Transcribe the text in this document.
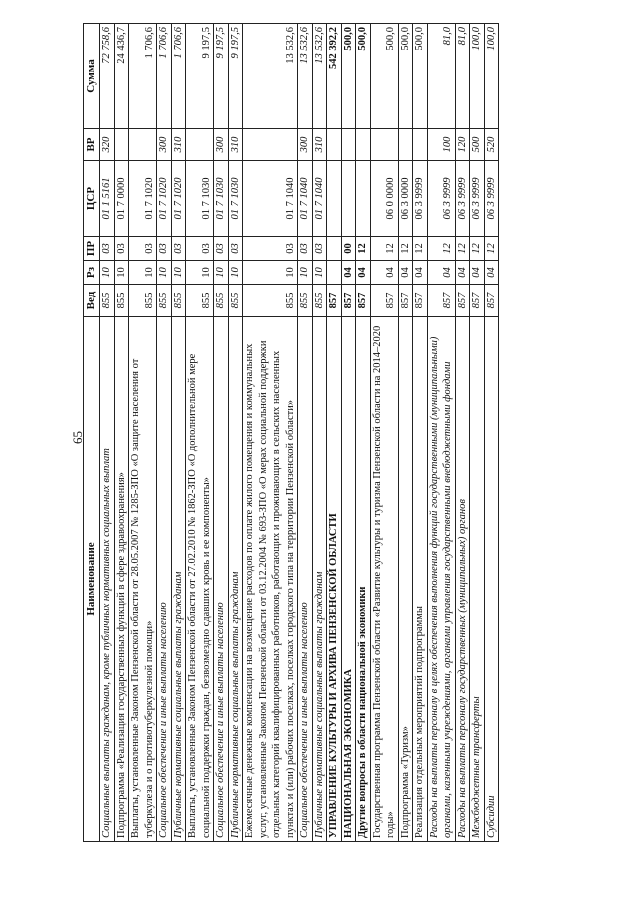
65
Наименование	Вед	Рз	ПР	ЦСР	ВР	Сумма
Социальные выплаты гражданам, кроме публичных нормативных социальных выплат	855	10	03	01 1 5161	320	72 758,6
Подпрограмма «Реализация государственных функций в сфере здравоохранения»	855	10	03	01 7 0000		24 436,7
Выплаты, установленные Законом Пензенской области от 28.05.2007 № 1285-ЗПО «О защите населения от туберкулеза и о противотуберкулезной помощи»	855	10	03	01 7 1020		1 706,6
Социальное обеспечение и иные выплаты населению	855	10	03	01 7 1020	300	1 706,6
Публичные нормативные социальные выплаты гражданам	855	10	03	01 7 1020	310	1 706,6
Выплаты, установленные Законом Пензенской области от 27.02.2010 № 1862-ЗПО «О дополнительной мере социальной поддержки граждан, безвозмездно сдавших кровь и ее компоненты»	855	10	03	01 7 1030		9 197,5
Социальное обеспечение и иные выплаты населению	855	10	03	01 7 1030	300	9 197,5
Публичные нормативные социальные выплаты гражданам	855	10	03	01 7 1030	310	9 197,5
Ежемесячные денежные компенсации на возмещение расходов по оплате жилого помещения и коммунальных услуг, установленные Законом Пензенской области от 03.12.2004 № 693-ЗПО «О мерах социальной поддержки отдельных категорий квалифицированных работников, работающих и проживающих в сельских населенных пунктах и (или) рабочих поселках, поселках городского типа на территории Пензенской области»	855	10	03	01 7 1040		13 532,6
Социальное обеспечение и иные выплаты населению	855	10	03	01 7 1040	300	13 532,6
Публичные нормативные социальные выплаты гражданам	855	10	03	01 7 1040	310	13 532,6
УПРАВЛЕНИЕ КУЛЬТУРЫ И АРХИВА ПЕНЗЕНСКОЙ ОБЛАСТИ	857					542 392,2
НАЦИОНАЛЬНАЯ ЭКОНОМИКА	857	04	00			500,0
Другие вопросы в области национальной экономики	857	04	12			500,0
Государственная программа Пензенской области «Развитие культуры и туризма Пензенской области на 2014–2020 годы»	857	04	12	06 0 0000		500,0
Подпрограмма «Туризм»	857	04	12	06 3 0000		500,0
Реализация отдельных мероприятий подпрограммы	857	04	12	06 3 9999		500,0
Расходы на выплаты персоналу в целях обеспечения выполнения функций государственными (муниципальными) органами, казенными учреждениями, органами управления государственными внебюджетными фондами	857	04	12	06 3 9999	100	81,0
Расходы на выплаты персоналу государственных (муниципальных) органов	857	04	12	06 3 9999	120	81,0
Межбюджетные трансферты	857	04	12	06 3 9999	500	100,0
Субсидии	857	04	12	06 3 9999	520	100,0
